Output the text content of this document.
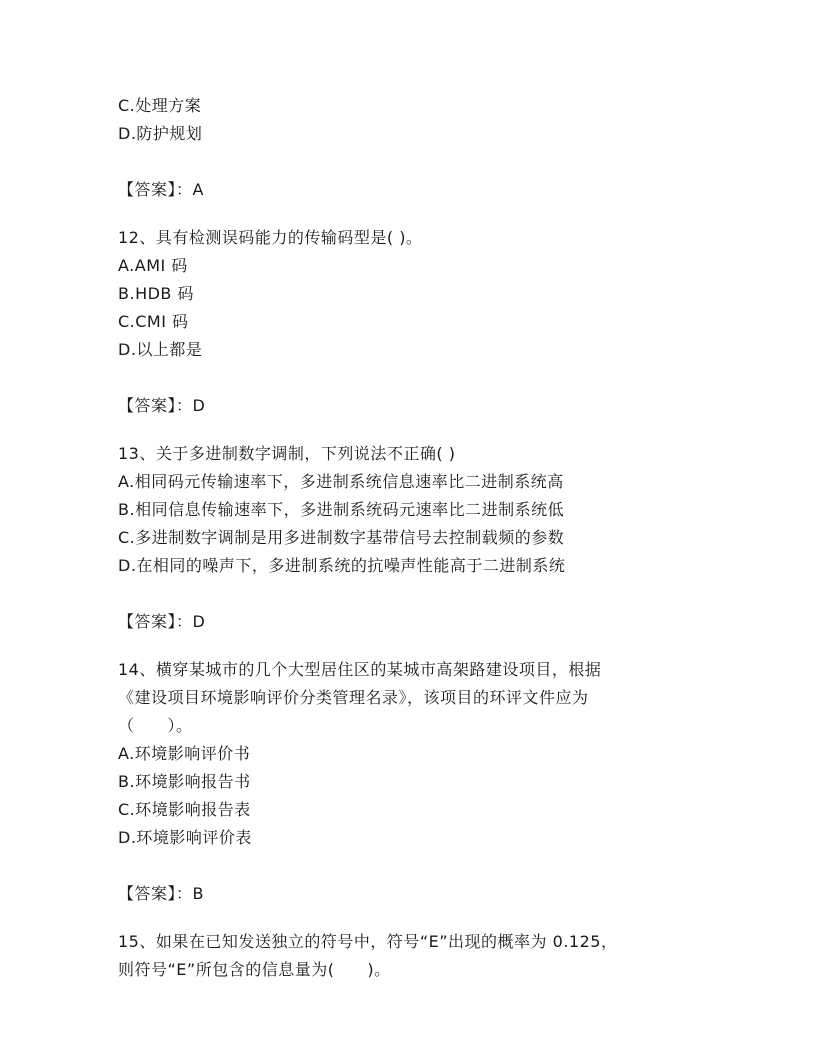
C.处理方案
D.防护规划
【答案】：A
12、具有检测误码能力的传输码型是( )。
A.AMI 码
B.HDB 码
C.CMI 码
D.以上都是
【答案】：D
13、关于多进制数字调制，下列说法不正确( )
A.相同码元传输速率下，多进制系统信息速率比二进制系统高
B.相同信息传输速率下，多进制系统码元速率比二进制系统低
C.多进制数字调制是用多进制数字基带信号去控制载频的参数
D.在相同的噪声下，多进制系统的抗噪声性能高于二进制系统
【答案】：D
14、横穿某城市的几个大型居住区的某城市高架路建设项目，根据
《建设项目环境影响评价分类管理名录》，该项目的环评文件应为
（　　）。
A.环境影响评价书
B.环境影响报告书
C.环境影响报告表
D.环境影响评价表
【答案】：B
15、如果在已知发送独立的符号中，符号“E”出现的概率为 0.125，
则符号“E”所包含的信息量为(　　)。
